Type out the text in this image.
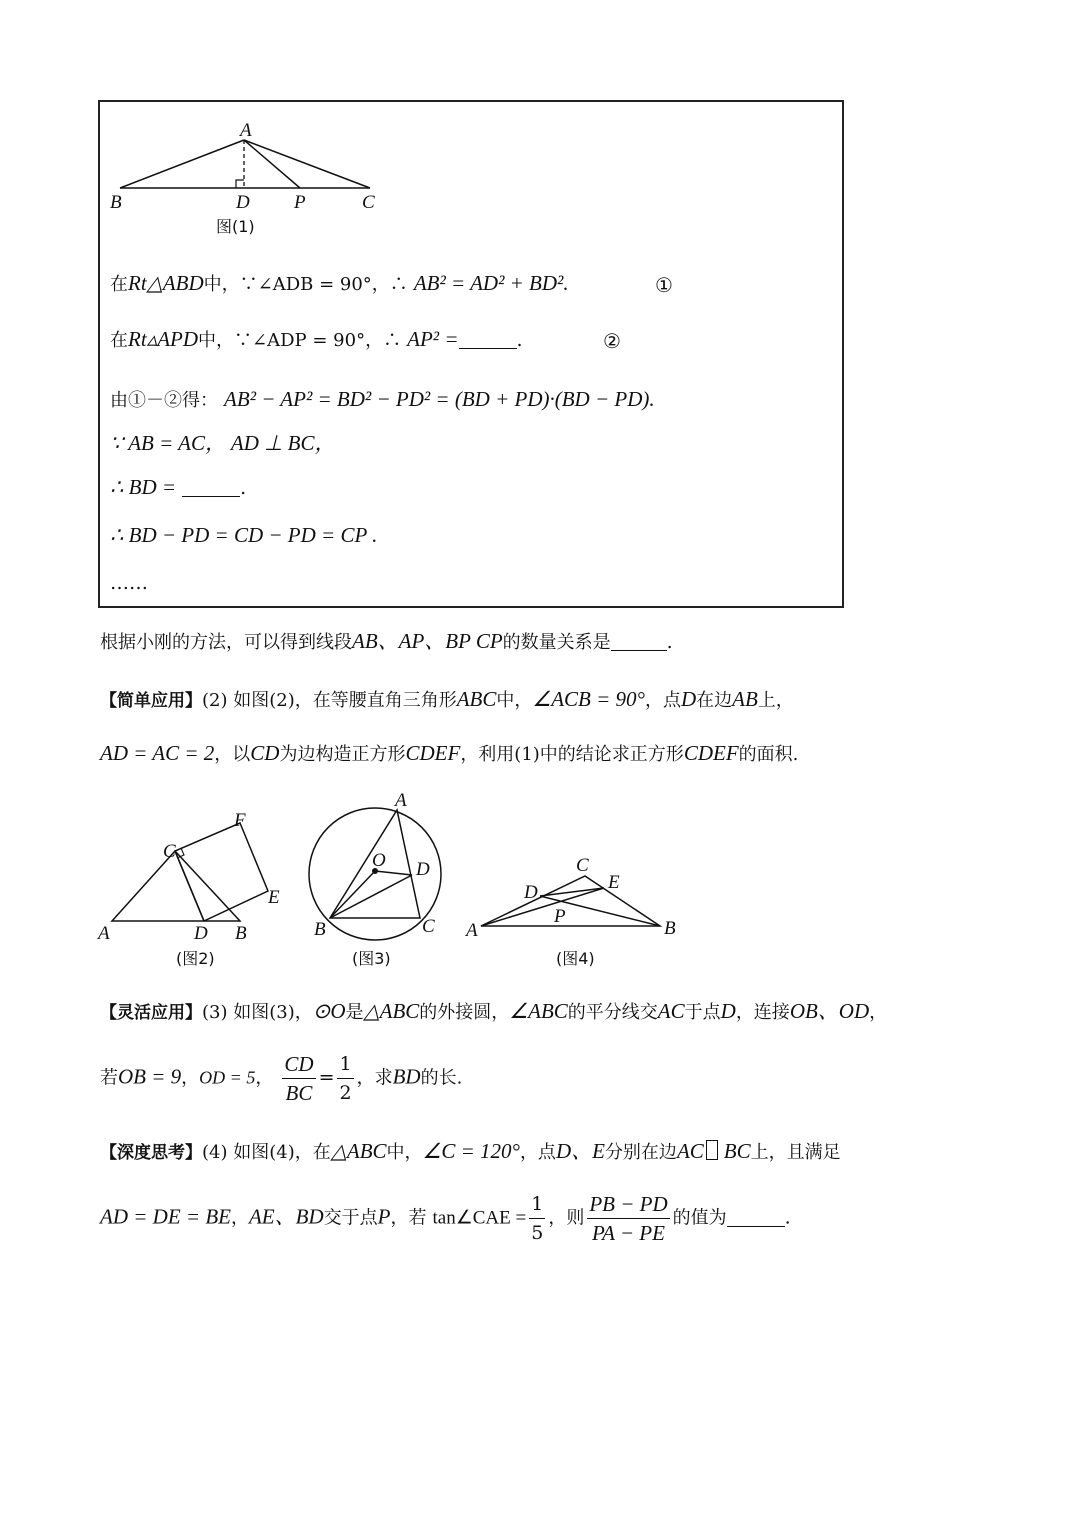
A
B	D P	C
图(1)
在Rt△ABD中，∵∠ADB = 90°，∴ AB² = AD² + BD².	①
在Rt▵APD中，∵∠ADP = 90°，∴ AP² =	.	②
由①－②得： AB² − AP² = BD² − PD² = (BD + PD)·(BD − PD).
∵ AB = AC， AD ⊥ BC，
∴ BD =	.
∴ BD − PD = CD − PD = CP .
……
根据小刚的方法，可以得到线段AB、AP、BP CP的数量关系是	.
【简单应用】(2) 如图(2)，在等腰直角三角形ABC中，∠ACB = 90°，点D在边AB上，
AD = AC = 2，以CD为边构造正方形CDEF，利用(1)中的结论求正方形CDEF的面积.
A	D B
C
F
E
(图2)
A
B	C
D
O
(图3)
A	B
C
D	E
P
(图4)
【灵活应用】(3) 如图(3)，⊙O是△ABC的外接圆，∠ABC的平分线交AC于点D，连接OB、OD，
若OB = 9，OD = 5， $\frac{CD}{BC} = \frac{1}{2}$ ，求BD的长.
【深度思考】(4) 如图(4)，在△ABC中，∠C = 120°，点D、E分别在边AC BC上，且满足
AD = DE = BE，AE、BD交于点P，若 tan∠CAE = $\frac{1}{5}$ ，则 $\frac{PB - PD}{PA - PE}$ 的值为	.
